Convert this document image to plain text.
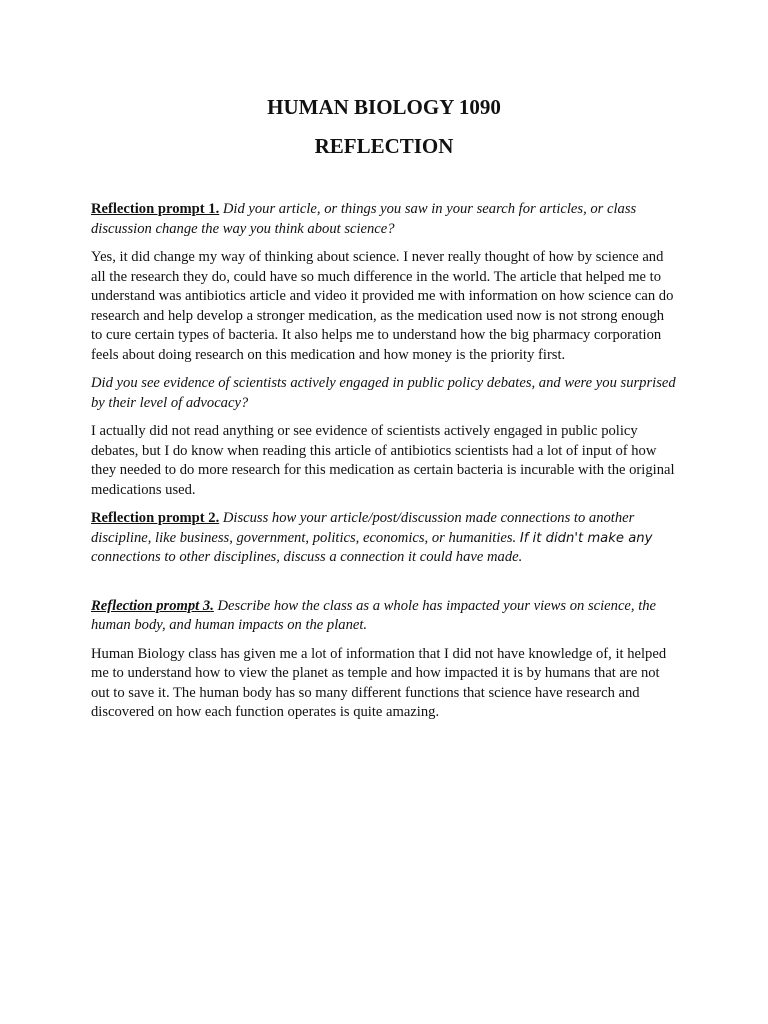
HUMAN BIOLOGY 1090
REFLECTION

Reflection prompt 1. Did your article, or things you saw in your search for articles, or class discussion change the way you think about science?

Yes, it did change my way of thinking about science. I never really thought of how by science and all the research they do, could have so much difference in the world. The article that helped me to understand was antibiotics article and video it provided me with information on how science can do research and help develop a stronger medication, as the medication used now is not strong enough to cure certain types of bacteria. It also helps me to understand how the big pharmacy corporation feels about doing research on this medication and how money is the priority first.

Did you see evidence of scientists actively engaged in public policy debates, and were you surprised by their level of advocacy?

I actually did not read anything or see evidence of scientists actively engaged in public policy debates, but I do know when reading this article of antibiotics scientists had a lot of input of how they needed to do more research for this medication as certain bacteria is incurable with the original medications used.

Reflection prompt 2. Discuss how your article/post/discussion made connections to another discipline, like business, government, politics, economics, or humanities. If it didn't make any connections to other disciplines, discuss a connection it could have made.

Reflection prompt 3. Describe how the class as a whole has impacted your views on science, the human body, and human impacts on the planet.

Human Biology class has given me a lot of information that I did not have knowledge of, it helped me to understand how to view the planet as temple and how impacted it is by humans that are not out to save it. The human body has so many different functions that science have research and discovered on how each function operates is quite amazing.
